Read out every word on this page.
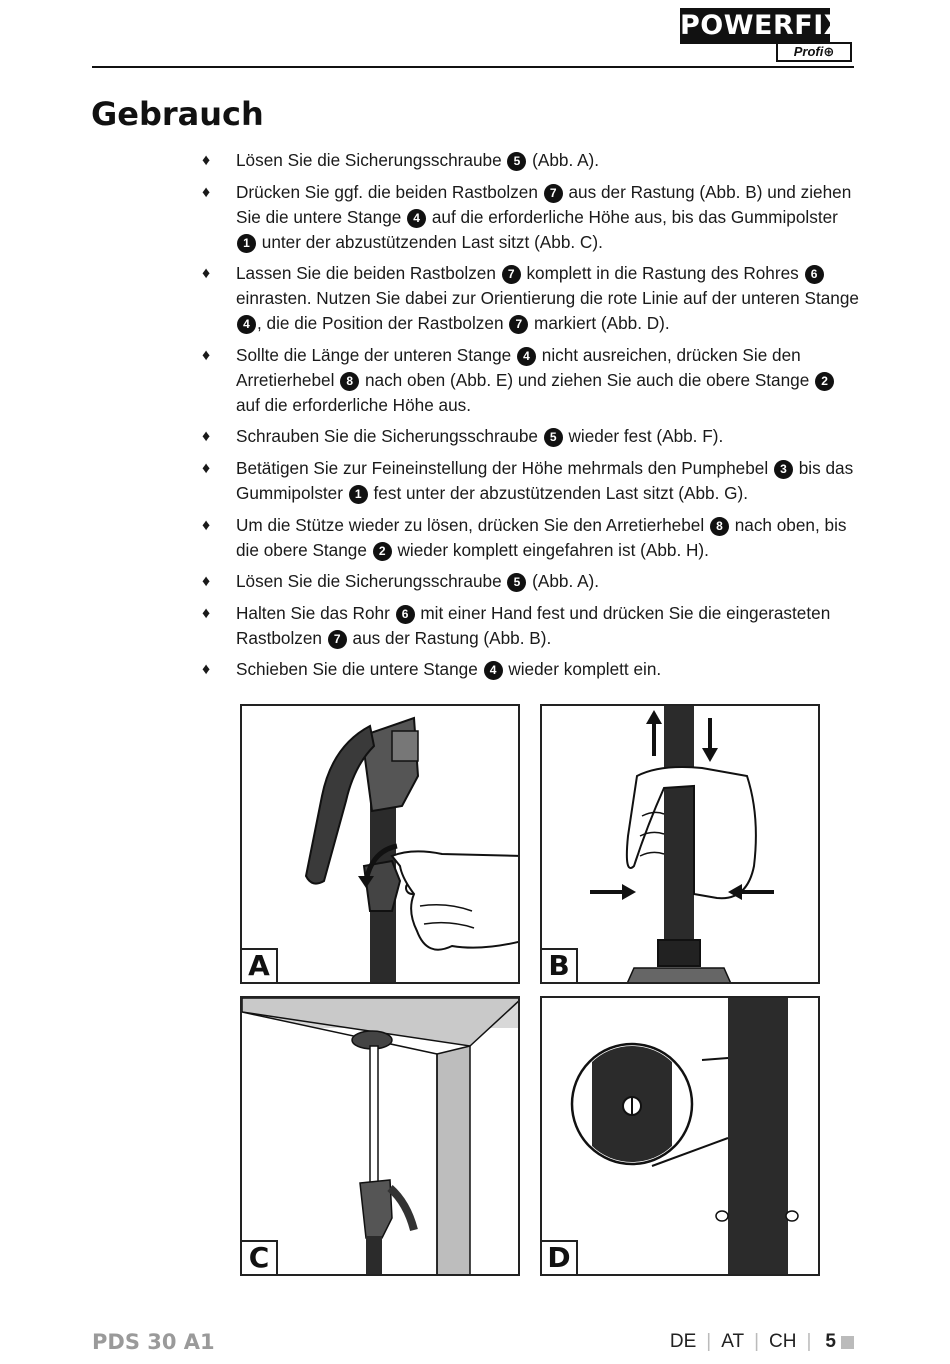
POWERFIX
Profi⊕
Gebrauch
♦ Lösen Sie die Sicherungsschraube 5 (Abb. A).
♦ Drücken Sie ggf. die beiden Rastbolzen 7 aus der Rastung (Abb. B) und ziehen Sie die untere Stange 4 auf die erforderliche Höhe aus, bis das Gummipolster 1 unter der abzustützenden Last sitzt (Abb. C).
♦ Lassen Sie die beiden Rastbolzen 7 komplett in die Rastung des Rohres 6 einrasten. Nutzen Sie dabei zur Orientierung die rote Linie auf der unteren Stange 4 , die die Position der Rastbolzen 7 markiert (Abb. D).
♦ Sollte die Länge der unteren Stange 4 nicht ausreichen, drücken Sie den Arretierhebel 8 nach oben (Abb. E) und ziehen Sie auch die obere Stange 2 auf die erforderliche Höhe aus.
♦ Schrauben Sie die Sicherungsschraube 5 wieder fest (Abb. F).
♦ Betätigen Sie zur Feineinstellung der Höhe mehrmals den Pumphebel 3 bis das Gummipolster 1 fest unter der abzustützenden Last sitzt (Abb. G).
♦ Um die Stütze wieder zu lösen, drücken Sie den Arretierhebel 8 nach oben, bis die obere Stange 2 wieder komplett eingefahren ist (Abb. H).
♦ Lösen Sie die Sicherungsschraube 5 (Abb. A).
♦ Halten Sie das Rohr 6 mit einer Hand fest und drücken Sie die eingerasteten Rastbolzen 7 aus der Rastung (Abb. B).
♦ Schieben Sie die untere Stange 4 wieder komplett ein.
A	B
C	D
PDS 30 A1	DE | AT | CH | 5
